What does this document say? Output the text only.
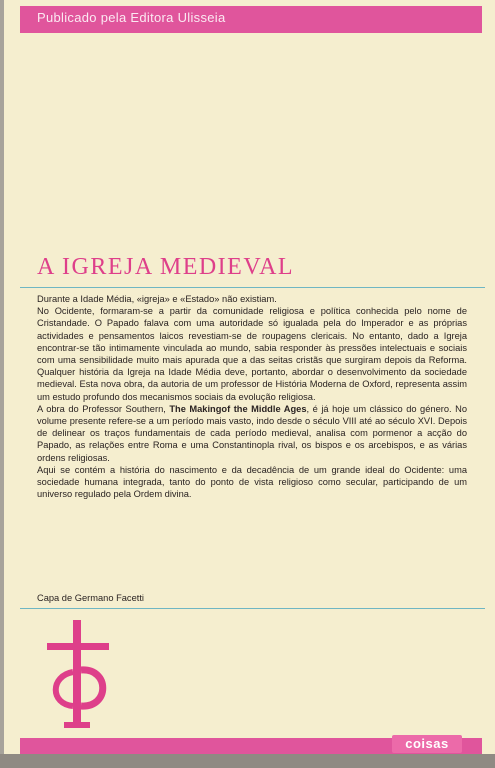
Publicado pela Editora Ulisseia
A IGREJA MEDIEVAL

Durante a Idade Média, «igreja» e «Estado» não existiam.

No Ocidente, formaram-se a partir da comunidade religiosa e política conhecida pelo nome de Cristandade. O Papado falava com uma autoridade só igualada pela do Imperador e as próprias actividades e pensamentos laicos revestiam-se de roupagens clericais. No entanto, dado a Igreja encontrar-se tão intimamente vinculada ao mundo, sabia responder às pressões intelectuais e sociais com uma sensibilidade muito mais apurada que a das seitas cristãs que surgiram depois da Reforma. Qualquer história da Igreja na Idade Média deve, portanto, abordar o desenvolvimento da sociedade medieval. Esta nova obra, da autoria de um professor de História Moderna de Oxford, representa assim um estudo profundo dos mecanismos sociais da evolução religiosa.

A obra do Professor Southern, The Makingof the Middle Ages, é já hoje um clássico do género. No volume presente refere-se a um período mais vasto, indo desde o século VIII até ao século XVI. Depois de delinear os traços fundamentais de cada período medieval, analisa com pormenor a acção do Papado, as relações entre Roma e uma Constantinopla rival, os bispos e os arcebispos, e as várias ordens religiosas.

Aqui se contém a história do nascimento e da decadência de um grande ideal do Ocidente: uma sociedade humana integrada, tanto do ponto de vista religioso como secular, participando de um universo regulado pela Ordem divina.

Capa de Germano Facetti
coisas
